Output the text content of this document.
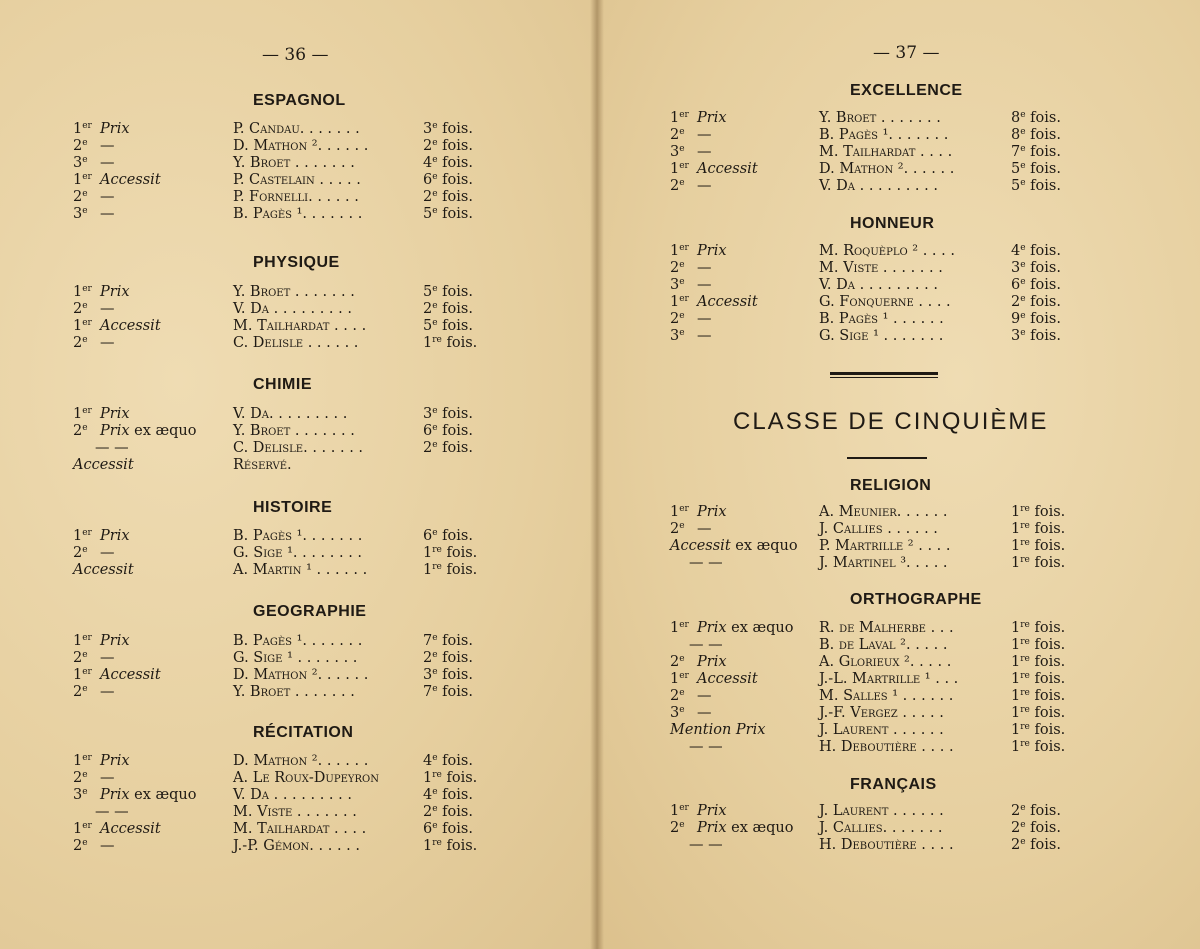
— 36 —
ESPAGNOL
1er Prix	P. Candau. . . . . . .	3e fois.
2e —	D. Mathon ². . . . . .	2e fois.
3e —	Y. Broet . . . . . . .	4e fois.
1er Accessit	P. Castelain . . . . .	6e fois.
2e —	P. Fornelli. . . . . .	2e fois.
3e —	B. Pagès ¹. . . . . . .	5e fois.
PHYSIQUE
1er Prix	Y. Broet . . . . . . .	5e fois.
2e —	V. Da . . . . . . . . .	2e fois.
1er Accessit	M. Tailhardat . . . .	5e fois.
2e —	C. Delisle . . . . . .	1re fois.
CHIMIE
1er Prix	V. Da. . . . . . . . .	3e fois.
2e Prix ex æquo	Y. Broet . . . . . . .	6e fois.
— —	C. Delisle. . . . . . .	2e fois.
Accessit	Réservé.
HISTOIRE
1er Prix	B. Pagès ¹. . . . . . .	6e fois.
2e —	G. Sige ¹. . . . . . . .	1re fois.
Accessit	A. Martin ¹ . . . . . .	1re fois.
GEOGRAPHIE
1er Prix	B. Pagès ¹. . . . . . .	7e fois.
2e —	G. Sige ¹ . . . . . . .	2e fois.
1er Accessit	D. Mathon ². . . . . .	3e fois.
2e —	Y. Broet . . . . . . .	7e fois.
RÉCITATION
1er Prix	D. Mathon ². . . . . .	4e fois.
2e —	A. Le Roux-Dupeyron	1re fois.
3e Prix ex æquo	V. Da . . . . . . . . .	4e fois.
— —	M. Viste . . . . . . .	2e fois.
1er Accessit	M. Tailhardat . . . .	6e fois.
2e —	J.-P. Gémon. . . . . .	1re fois.
— 37 —
CLASSE DE CINQUIÈME
EXCELLENCE
1er Prix	Y. Broet . . . . . . .	8e fois.
2e —	B. Pagès ¹. . . . . . .	8e fois.
3e —	M. Tailhardat . . . .	7e fois.
1er Accessit	D. Mathon ². . . . . .	5e fois.
2e —	V. Da . . . . . . . . .	5e fois.
HONNEUR
1er Prix	M. Roquèplo ² . . . .	4e fois.
2e —	M. Viste . . . . . . .	3e fois.
3e —	V. Da . . . . . . . . .	6e fois.
1er Accessit	G. Fonquerne . . . .	2e fois.
2e —	B. Pagès ¹ . . . . . .	9e fois.
3e —	G. Sige ¹ . . . . . . .	3e fois.
RELIGION
1er Prix	A. Meunier. . . . . .	1re fois.
2e —	J. Callies . . . . . .	1re fois.
Accessit ex æquo P. Martrille ² . . . .	1re fois.
— —	J. Martinel ³. . . . .	1re fois.
ORTHOGRAPHE
1er Prix ex æquo R. de Malherbe . . .	1re fois.
— —	B. de Laval ². . . . .	1re fois.
2e Prix	A. Glorieux ². . . . .	1re fois.
1er Accessit	J.-L. Martrille ¹ . . .	1re fois.
2e —	M. Salles ¹ . . . . . .	1re fois.
3e —	J.-F. Vergez . . . . .	1re fois.
Mention Prix	J. Laurent . . . . . .	1re fois.
— —	H. Deboutière . . . .	1re fois.
FRANÇAIS
1er Prix	J. Laurent . . . . . .	2e fois.
2e Prix ex æquo J. Callies. . . . . . .	2e fois.
— —	H. Deboutière . . . .	2e fois.
